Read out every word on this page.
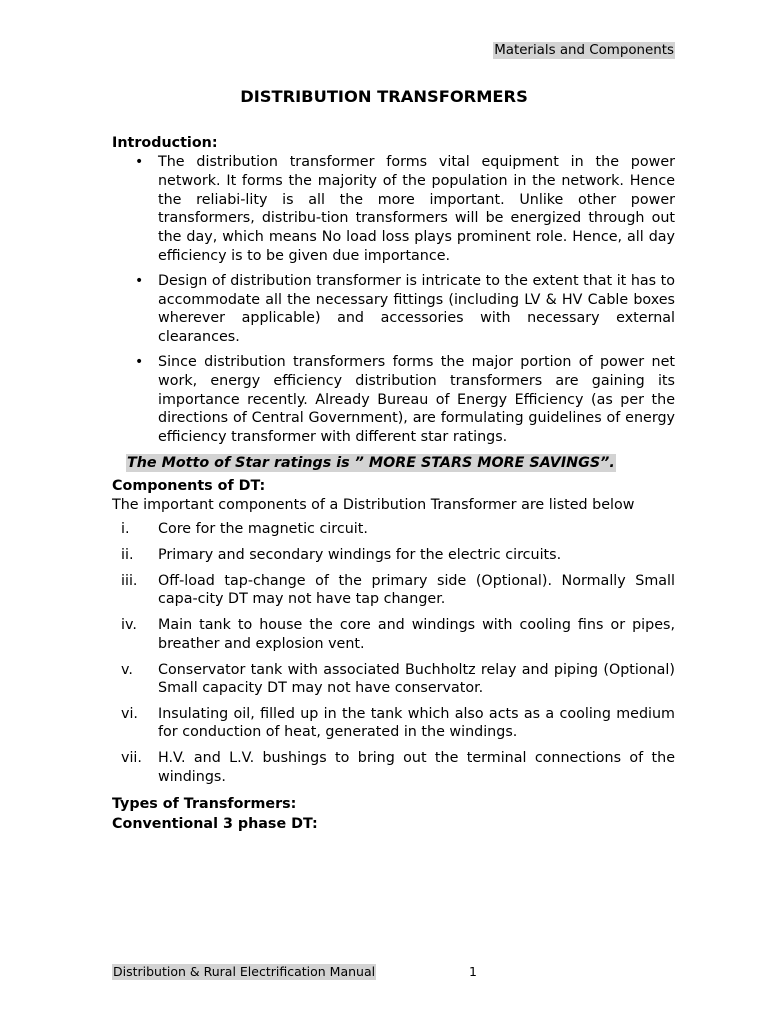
Materials and Components
DISTRIBUTION TRANSFORMERS
Introduction:
• The distribution transformer forms vital equipment in the power network. It forms the majority of the population in the network. Hence the reliabi-lity is all the more important. Unlike other power transformers, distribu-tion transformers will be energized through out the day, which means No load loss plays prominent role. Hence, all day efficiency is to be given due importance.
• Design of distribution transformer is intricate to the extent that it has to accommodate all the necessary fittings (including LV & HV Cable boxes wherever applicable) and accessories with necessary external clearances.
• Since distribution transformers forms the major portion of power net work, energy efficiency distribution transformers are gaining its importance recently. Already Bureau of Energy Efficiency (as per the directions of Central Government), are formulating guidelines of energy efficiency transformer with different star ratings.
The Motto of Star ratings is ” MORE STARS MORE SAVINGS”.
Components of DT:

The important components of a Distribution Transformer are listed below

i. Core for the magnetic circuit.
ii. Primary and secondary windings for the electric circuits.
iii. Off-load tap-change of the primary side (Optional). Normally Small capa-city DT may not have tap changer.
iv. Main tank to house the core and windings with cooling fins or pipes, breather and explosion vent.
v. Conservator tank with associated Buchholtz relay and piping (Optional) Small capacity DT may not have conservator.
vi. Insulating oil, filled up in the tank which also acts as a cooling medium for conduction of heat, generated in the windings.
vii. H.V. and L.V. bushings to bring out the terminal connections of the windings.
Types of Transformers:
Conventional 3 phase DT:
Distribution & Rural Electrification Manual	1
